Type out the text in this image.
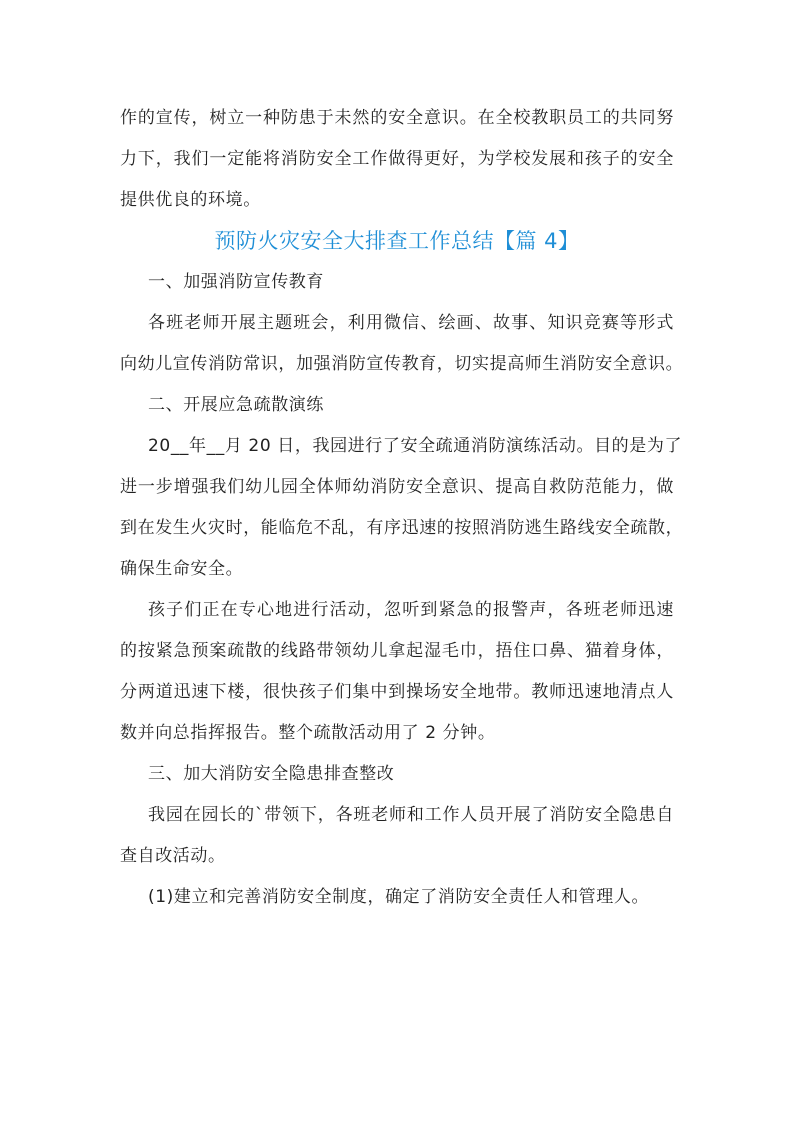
作的宣传，树立一种防患于未然的安全意识。在全校教职员工的共同努
力下，我们一定能将消防安全工作做得更好，为学校发展和孩子的安全
提供优良的环境。
预防火灾安全大排查工作总结【篇 4】
一、加强消防宣传教育
各班老师开展主题班会，利用微信、绘画、故事、知识竞赛等形式
向幼儿宣传消防常识，加强消防宣传教育，切实提高师生消防安全意识。
二、开展应急疏散演练
20__年__月 20 日，我园进行了安全疏通消防演练活动。目的是为了
进一步增强我们幼儿园全体师幼消防安全意识、提高自救防范能力，做
到在发生火灾时，能临危不乱，有序迅速的按照消防逃生路线安全疏散，
确保生命安全。
孩子们正在专心地进行活动，忽听到紧急的报警声，各班老师迅速
的按紧急预案疏散的线路带领幼儿拿起湿毛巾，捂住口鼻、猫着身体，
分两道迅速下楼，很快孩子们集中到操场安全地带。教师迅速地清点人
数并向总指挥报告。整个疏散活动用了 2 分钟。
三、加大消防安全隐患排查整改
我园在园长的`带领下，各班老师和工作人员开展了消防安全隐患自
查自改活动。
(1)建立和完善消防安全制度，确定了消防安全责任人和管理人。
